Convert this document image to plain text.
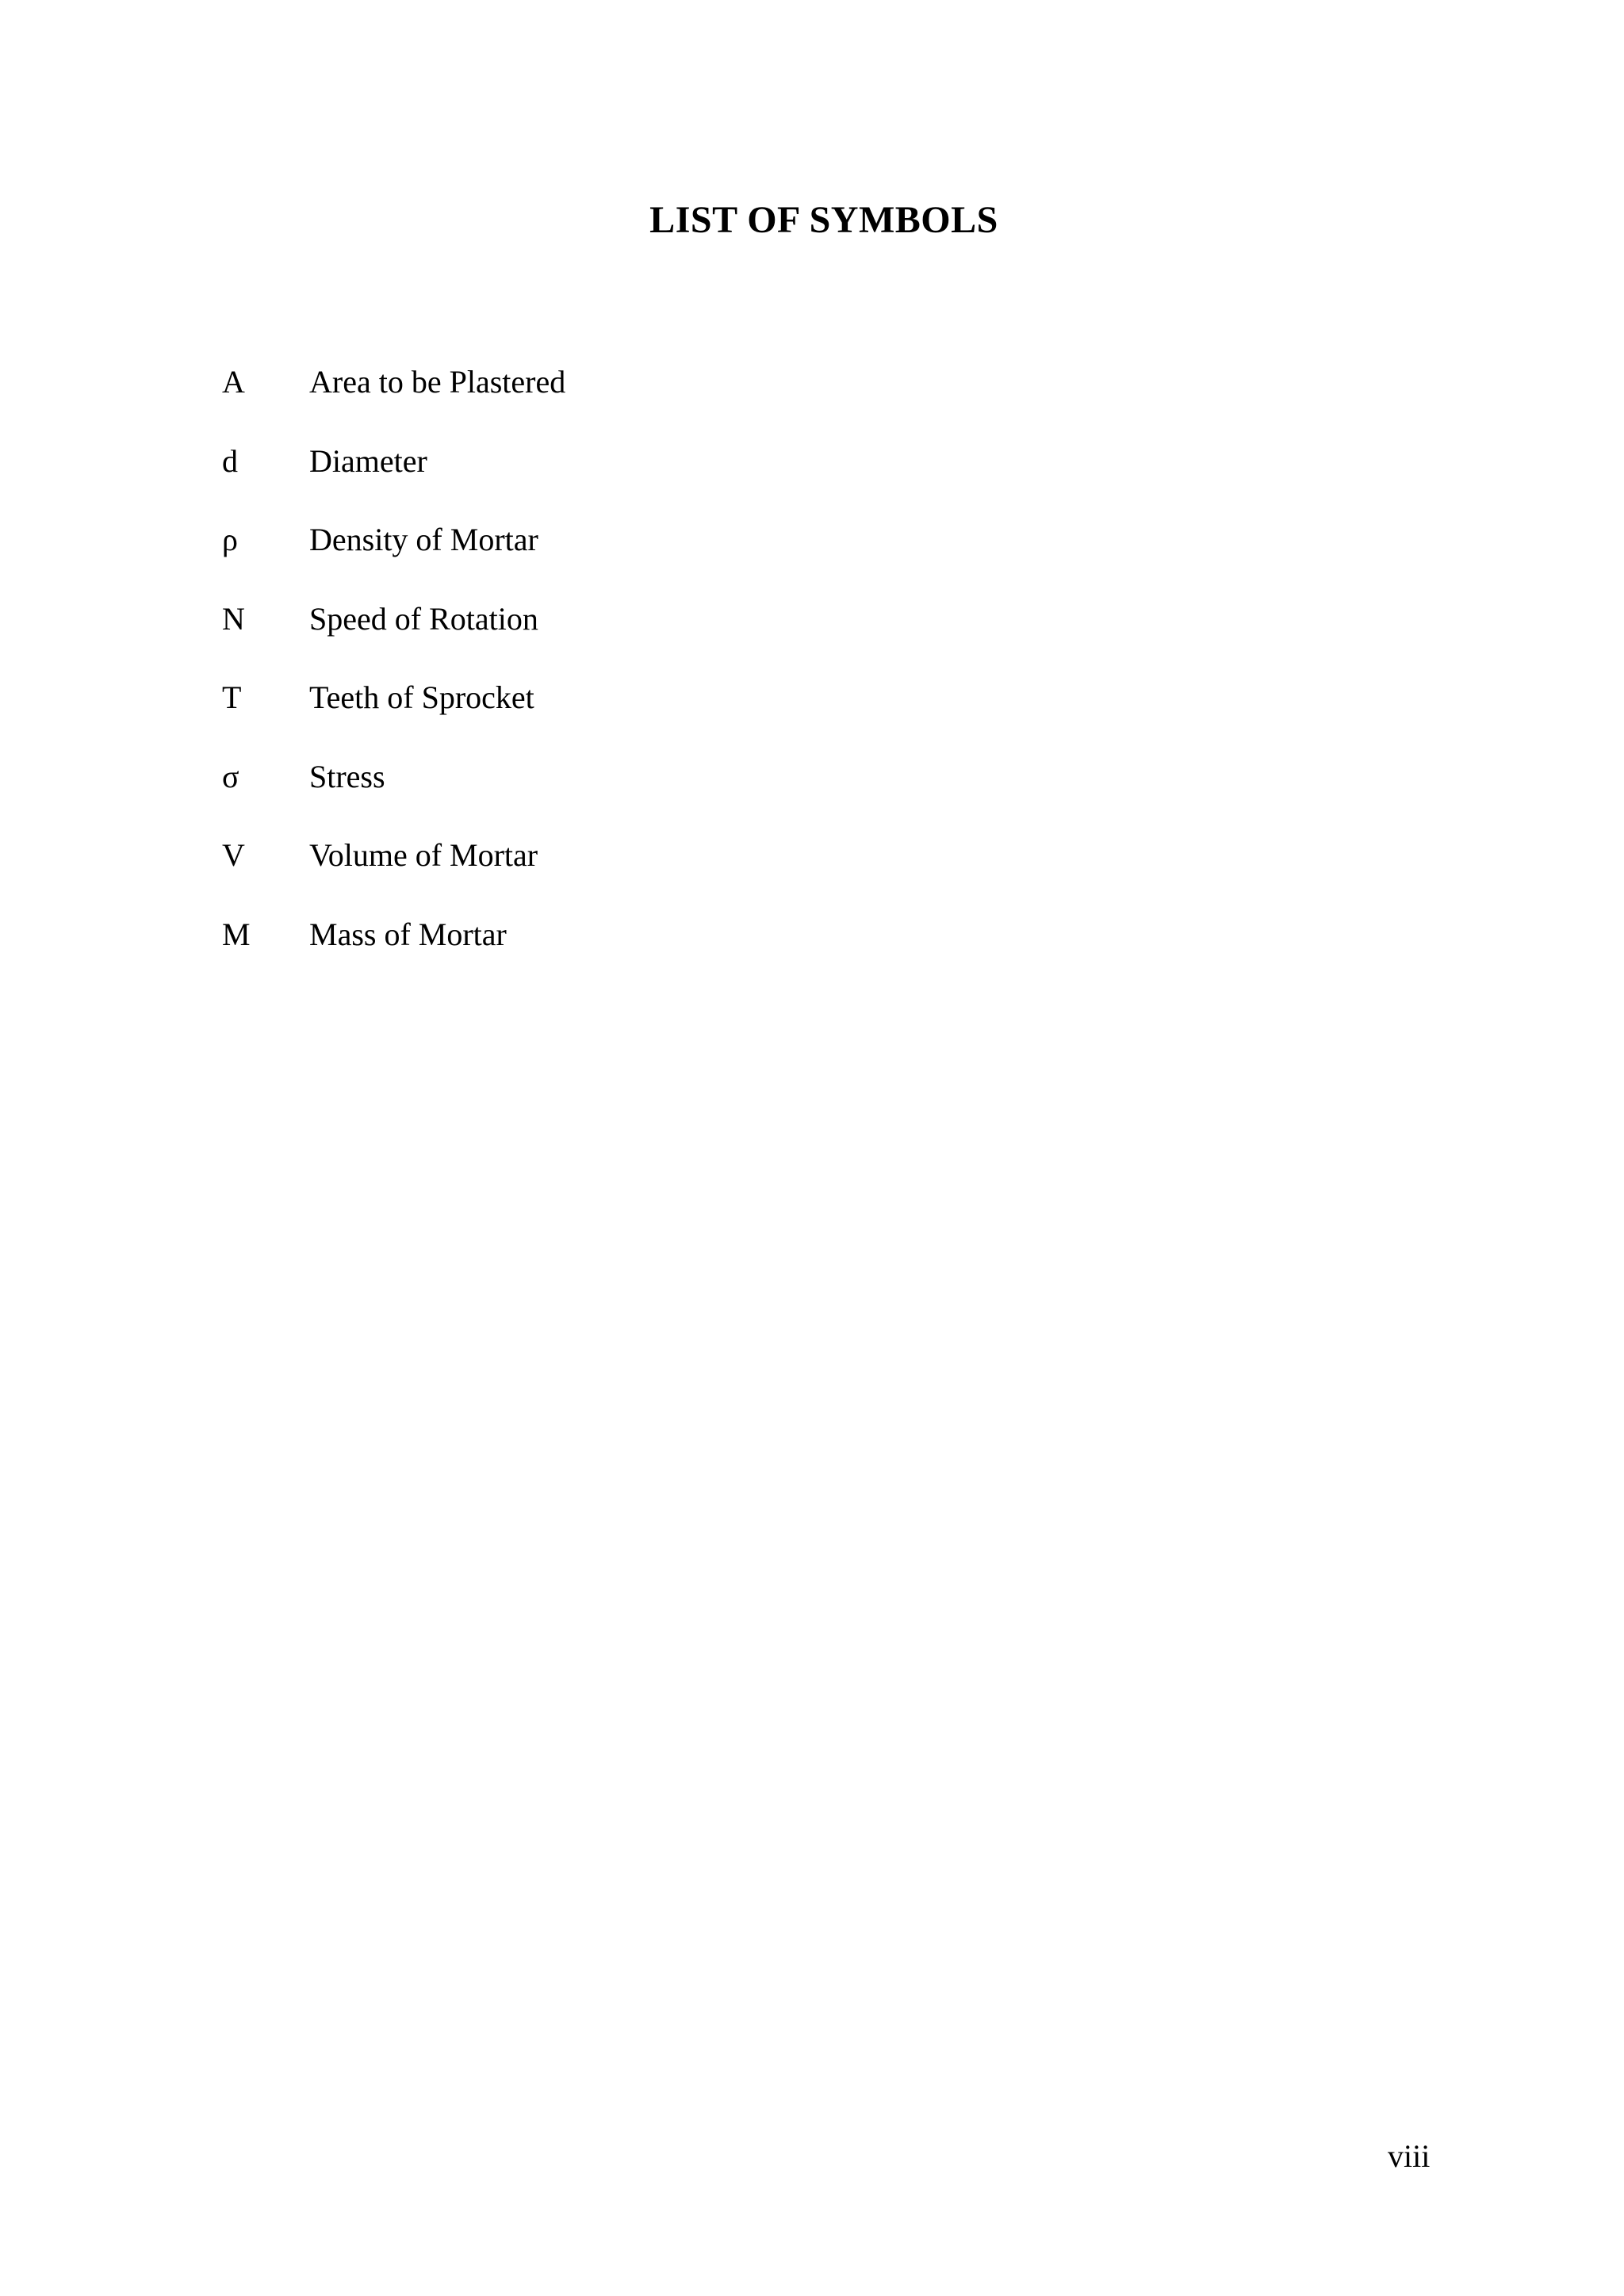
LIST OF SYMBOLS
A	Area to be Plastered
d	Diameter
ρ	Density of Mortar
N	Speed of Rotation
T	Teeth of Sprocket
σ	Stress
V	Volume of Mortar
M	Mass of Mortar
viii
